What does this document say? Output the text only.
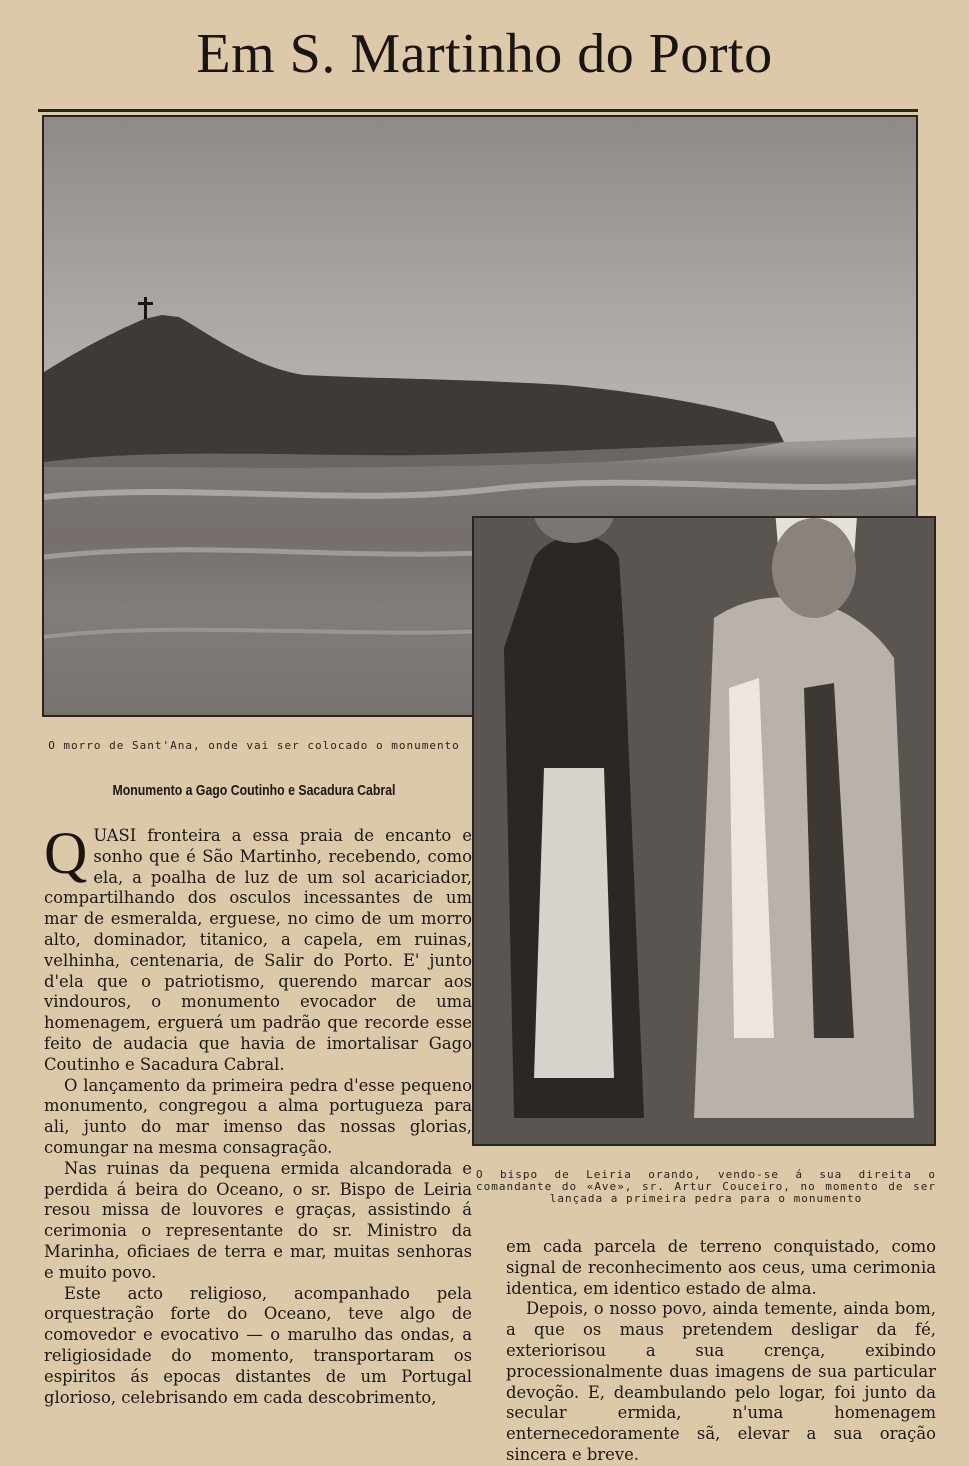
Em S. Martinho do Porto
O morro de Sant'Ana, onde vai ser colocado o monumento
Monumento a Gago Coutinho e Sacadura Cabral

QUASI fronteira a essa praia de encanto e sonho que é São Martinho, recebendo, como ela, a poalha de luz de um sol acariciador, compartilhando dos osculos incessantes de um mar de esmeralda, erguese, no cimo de um morro alto, dominador, titanico, a capela, em ruinas, velhinha, centenaria, de Salir do Porto. E' junto d'ela que o patriotismo, querendo marcar aos vindouros, o monumento evocador de uma homenagem, erguerá um padrão que recorde esse feito de audacia que havia de imortalisar Gago Coutinho e Sacadura Cabral.

O lançamento da primeira pedra d'esse pequeno monumento, congregou a alma portugueza para ali, junto do mar imenso das nossas glorias, comungar na mesma consagração.

Nas ruinas da pequena ermida alcandorada e perdida á beira do Oceano, o sr. Bispo de Leiria resou missa de louvores e graças, assistindo á cerimonia o representante do sr. Ministro da Marinha, oficiaes de terra e mar, muitas senhoras e muito povo.

Este acto religioso, acompanhado pela orquestração forte do Oceano, teve algo de comovedor e evocativo — o marulho das ondas, a religiosidade do momento, transportaram os espiritos ás epocas distantes de um Portugal glorioso, celebrisando em cada descobrimento,

O bispo de Leiria orando, vendo-se á sua direita o comandante do «Ave», sr. Artur Couceiro, no momento de ser lançada a primeira pedra para o monumento

em cada parcela de terreno conquistado, como signal de reconhecimento aos ceus, uma cerimonia identica, em identico estado de alma.

Depois, o nosso povo, ainda temente, ainda bom, a que os maus pretendem desligar da fé, exteriorisou a sua crença, exibindo processionalmente duas imagens de sua particular devoção. E, deambulando pelo logar, foi junto da secular ermida, n'uma homenagem enternecedoramente sã, elevar a sua oração sincera e breve.
